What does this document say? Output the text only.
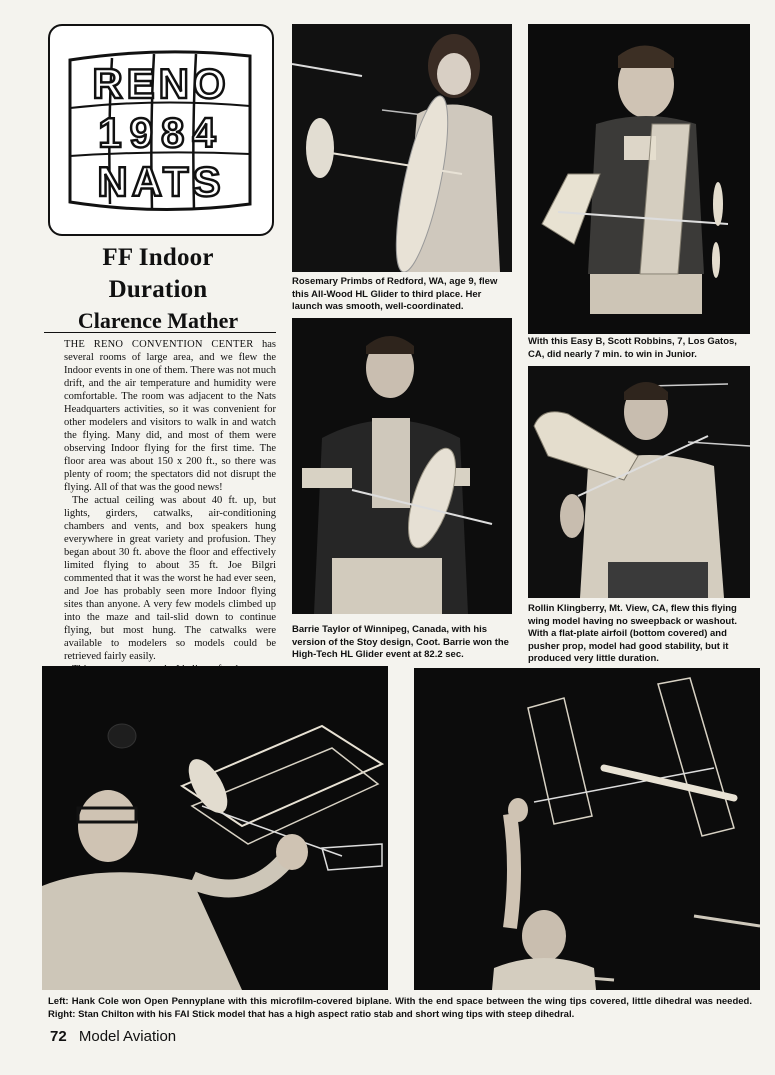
RENO
1984
NATS
FF Indoor
Duration
Clarence Mather

THE RENO CONVENTION CENTER has several rooms of large area, and we flew the Indoor events in one of them. There was not much drift, and the air temperature and humidity were comfortable. The room was adjacent to the Nats Headquarters activities, so it was convenient for other modelers and visitors to walk in and watch the flying. Many did, and most of them were observing Indoor flying for the first time. The floor area was about 150 x 200 ft., so there was plenty of room; the spectators did not disrupt the flying. All of that was the good news!

The actual ceiling was about 40 ft. up, but lights, girders, catwalks, air-conditioning chambers and vents, and box speakers hung everywhere in great variety and profusion. They began about 30 ft. above the floor and effectively limited flying to about 35 ft. Joe Bilgri commented that it was the worst he had ever seen, and Joe has probably seen more Indoor flying sites than anyone. A very few models climbed up into the maze and tail-slid down to continue flying, but most hung. The catwalks were available to modelers so models could be retrieved fairly easily.

Rosemary Primbs of Redford, WA, age 9, flew this All-Wood HL Glider to third place. Her launch was smooth, well-coordinated.
With this Easy B, Scott Robbins, 7, Los Gatos, CA, did nearly 7 min. to win in Junior.
Barrie Taylor of Winnipeg, Canada, with his version of the Stoy design, Coot. Barrie won the High-Tech HL Glider event at 82.2 sec.
Rollin Klingberry, Mt. View, CA, flew this flying wing model having no sweepback or washout. With a flat-plate airfoil (bottom covered) and pusher prop, model had good stability, but it produced very little duration.
Left: Hank Cole won Open Pennyplane with this microfilm-covered biplane. With the end space between the wing tips covered, little dihedral was needed. Right: Stan Chilton with his FAI Stick model that has a high aspect ratio stab and short wing tips with steep dihedral.
72 Model Aviation
